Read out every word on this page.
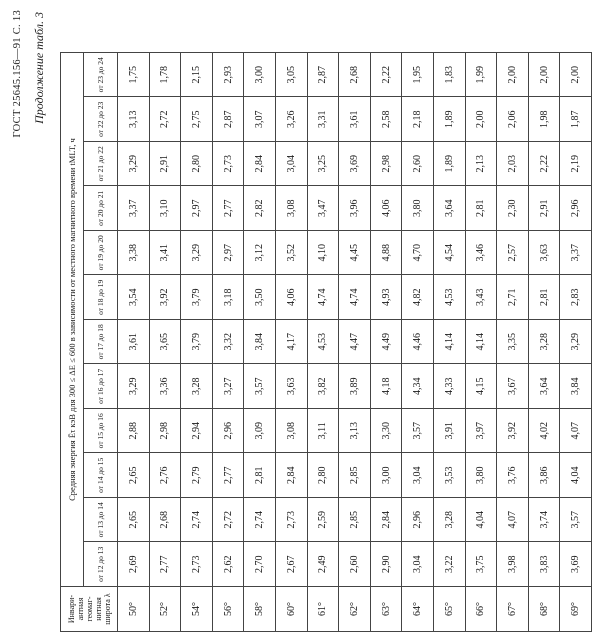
ГОСТ 25645.156—91 С. 13 Продолжение табл. 3
Инвари-антная геомаг-нитная широта λ	Средняя энергия Ēτ кэВ для 300 ≤ ΔE ≤ 600 в зависимости от местного магнитного времени tMLT, ч											
	от 12 до 13	от 13 до 14	от 14 до 15	от 15 до 16	от 16 до 17	от 17 до 18	от 18 до 19	от 19 до 20	от 20 до 21	от 21 до 22	от 22 до 23	от 23 до 24
50°	2,69	2,65	2,65	2,88	3,29	3,61	3,54	3,38	3,37	3,29	3,13	1,75
52°	2,77	2,68	2,76	2,98	3,36	3,65	3,92	3,41	3,10	2,91	2,72	1,78
54°	2,73	2,74	2,79	2,94	3,28	3,79	3,79	3,29	2,97	2,80	2,75	2,15
56°	2,62	2,72	2,77	2,96	3,27	3,32	3,18	2,97	2,77	2,73	2,87	2,93
58°	2,70	2,74	2,81	3,09	3,57	3,84	3,50	3,12	2,82	2,84	3,07	3,00
60°	2,67	2,73	2,84	3,08	3,63	4,17	4,06	3,52	3,08	3,04	3,26	3,05
61°	2,49	2,59	2,80	3,11	3,82	4,53	4,74	4,10	3,47	3,25	3,31	2,87
62°	2,60	2,85	2,85	3,13	3,89	4,47	4,74	4,45	3,96	3,69	3,61	2,68
63°	2,90	2,84	3,00	3,30	4,18	4,49	4,93	4,88	4,06	2,98	2,58	2,22
64°	3,04	2,96	3,04	3,57	4,34	4,46	4,82	4,70	3,80	2,60	2,18	1,95
65°	3,22	3,28	3,53	3,91	4,33	4,14	4,53	4,54	3,64	1,89	1,89	1,83
66°	3,75	4,04	3,80	3,97	4,15	4,14	3,43	3,46	2,81	2,13	2,00	1,99
67°	3,98	4,07	3,76	3,92	3,67	3,35	2,71	2,57	2,30	2,03	2,06	2,00
68°	3,83	3,74	3,86	4,02	3,64	3,28	2,81	3,63	2,91	2,22	1,98	2,00
69°	3,69	3,57	4,04	4,07	3,84	3,29	2,83	3,37	2,96	2,19	1,87	2,00
